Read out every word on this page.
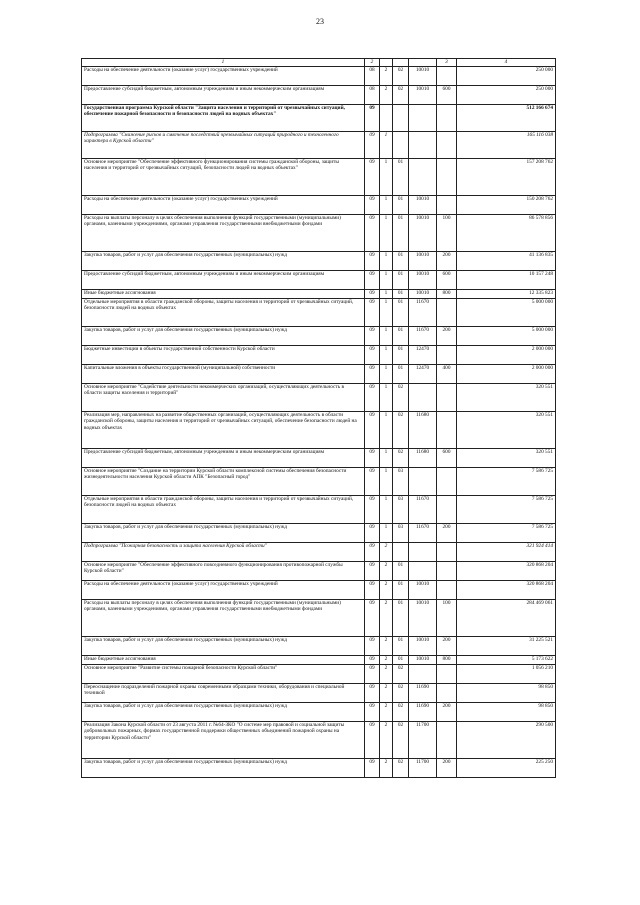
23
1	2				3	4
Расходы на обеспечение деятельности (оказание услуг) государственных учреждений	08	2	02	10010		250 000
Предоставление субсидий бюджетным, автономным учреждениям и иным некоммерческим организациям	08	2	02	10010	600	250 000
Государственная программа Курской области "Защита населения и территорий от чрезвычайных ситуаций, обеспечение пожарной безопасности и безопасности людей на водных объектах"	09					512 166 674
Подпрограмма "Снижение рисков и смягчение последствий чрезвычайных ситуаций природного и техногенного характера в Курской области"	09	1				165 116 038
Основное мероприятие "Обеспечение эффективного функционирования системы гражданской обороны, защиты населения и территорий от чрезвычайных ситуаций, безопасности людей на водных объектах"	09	1	01			157 208 762
Расходы на обеспечение деятельности (оказание услуг) государственных учреждений	09	1	01	10010		150 208 762
Расходы на выплаты персоналу в целях обеспечения выполнения функций государственными (муниципальными) органами, казенными учреждениями, органами управления государственными внебюджетными фондами	09	1	01	10010	100	86 578 856
Закупка товаров, работ и услуг для обеспечения государственных (муниципальных) нужд	09	1	01	10010	200	41 136 835
Предоставление субсидий бюджетным, автономным учреждениям и иным некоммерческим организациям	09	1	01	10010	600	10 157 248
Иные бюджетные ассигнования	09	1	01	10010	800	12 335 823
Отдельные мероприятия в области гражданской обороны, защиты населения и территорий от чрезвычайных ситуаций, безопасности людей на водных объектах	09	1	01	11670		5 000 000
Закупка товаров, работ и услуг для обеспечения государственных (муниципальных) нужд	09	1	01	11670	200	5 000 000
Бюджетные инвестиции в объекты государственной собственности Курской области	09	1	01	12470		2 000 000
Капитальные вложения в объекты государственной (муниципальной) собственности	09	1	01	12470	400	2 000 000
Основное мероприятие "Содействие деятельности некоммерческих организаций, осуществляющих деятельность в области защиты населения и территорий"	09	1	02			320 551
Реализация мер, направленных на развитие общественных организаций, осуществляющих деятельность в области гражданской обороны, защиты населения и территорий от чрезвычайных ситуаций, обеспечение безопасности людей на водных объектах	09	1	02	11680		320 551
Предоставление субсидий бюджетным, автономным учреждениям и иным некоммерческим организациям	09	1	02	11680	600	320 551
Основное мероприятие "Создание на территории Курской области комплексной системы обеспечения безопасности жизнедеятельности населения Курской области АПК "Безопасный город"	09	1	03			7 586 725
Отдельные мероприятия в области гражданской обороны, защиты населения и территорий от чрезвычайных ситуаций, безопасности людей на водных объектах	09	1	03	11670		7 586 725
Закупка товаров, работ и услуг для обеспечения государственных (муниципальных) нужд	09	1	03	11670	200	7 586 725
Подпрограмма "Пожарная безопасность и защита населения Курской области"	09	2				321 924 414
Основное мероприятие "Обеспечение эффективного повседневного функционирования противопожарной службы Курской области"	09	2	01			320 868 204
Расходы на обеспечение деятельности (оказание услуг) государственных учреждений	09	2	01	10010		320 868 204
Расходы на выплаты персоналу в целях обеспечения выполнения функций государственными (муниципальными) органами, казенными учреждениями, органами управления государственными внебюджетными фондами	09	2	01	10010	100	284 469 061
Закупка товаров, работ и услуг для обеспечения государственных (муниципальных) нужд	09	2	01	10010	200	31 225 521
Иные бюджетные ассигнования	09	2	01	10010	800	5 173 622
Основное мероприятие "Развитие системы пожарной безопасности Курской области"	09	2	02			1 056 210
Переоснащение подразделений пожарной охраны современными образцами техники, оборудования и специальной техникой	09	2	02	11690		98 850
Закупка товаров, работ и услуг для обеспечения государственных (муниципальных) нужд	09	2	02	11690	200	98 850
Реализация Закона Курской области от 23 августа 2011 г. №64-ЗКО "О системе мер правовой и социальной защиты добровольных пожарных, формах государственной поддержки общественных объединений пожарной охраны на территории Курской области"	09	2	02	11700		290 500
Закупка товаров, работ и услуг для обеспечения государственных (муниципальных) нужд	09	2	02	11700	200	225 250
